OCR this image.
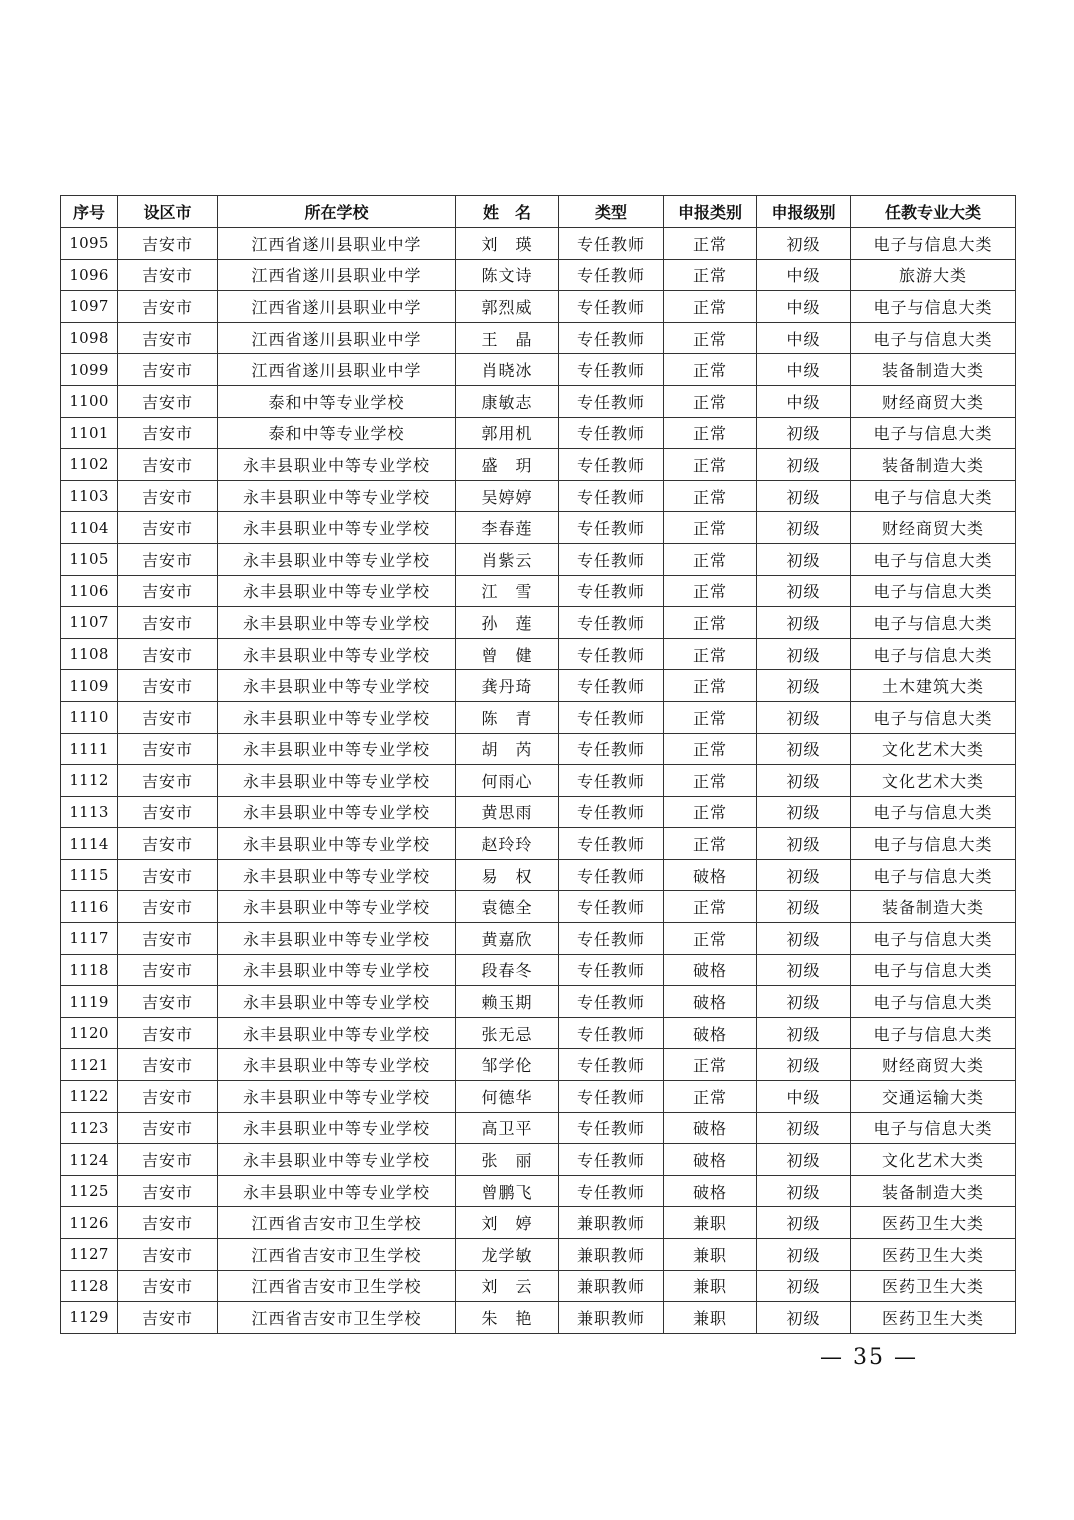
序号	设区市	所在学校	姓　名	类型	申报类别	申报级别	任教专业大类
1095	吉安市	江西省遂川县职业中学	刘　瑛	专任教师	正常	初级	电子与信息大类
1096	吉安市	江西省遂川县职业中学	陈文诗	专任教师	正常	中级	旅游大类
1097	吉安市	江西省遂川县职业中学	郭烈威	专任教师	正常	中级	电子与信息大类
1098	吉安市	江西省遂川县职业中学	王　晶	专任教师	正常	中级	电子与信息大类
1099	吉安市	江西省遂川县职业中学	肖晓冰	专任教师	正常	中级	装备制造大类
1100	吉安市	泰和中等专业学校	康敏志	专任教师	正常	中级	财经商贸大类
1101	吉安市	泰和中等专业学校	郭用机	专任教师	正常	初级	电子与信息大类
1102	吉安市	永丰县职业中等专业学校	盛　玥	专任教师	正常	初级	装备制造大类
1103	吉安市	永丰县职业中等专业学校	吴婷婷	专任教师	正常	初级	电子与信息大类
1104	吉安市	永丰县职业中等专业学校	李春莲	专任教师	正常	初级	财经商贸大类
1105	吉安市	永丰县职业中等专业学校	肖紫云	专任教师	正常	初级	电子与信息大类
1106	吉安市	永丰县职业中等专业学校	江　雪	专任教师	正常	初级	电子与信息大类
1107	吉安市	永丰县职业中等专业学校	孙　莲	专任教师	正常	初级	电子与信息大类
1108	吉安市	永丰县职业中等专业学校	曾　健	专任教师	正常	初级	电子与信息大类
1109	吉安市	永丰县职业中等专业学校	龚丹琦	专任教师	正常	初级	土木建筑大类
1110	吉安市	永丰县职业中等专业学校	陈　青	专任教师	正常	初级	电子与信息大类
1111	吉安市	永丰县职业中等专业学校	胡　芮	专任教师	正常	初级	文化艺术大类
1112	吉安市	永丰县职业中等专业学校	何雨心	专任教师	正常	初级	文化艺术大类
1113	吉安市	永丰县职业中等专业学校	黄思雨	专任教师	正常	初级	电子与信息大类
1114	吉安市	永丰县职业中等专业学校	赵玲玲	专任教师	正常	初级	电子与信息大类
1115	吉安市	永丰县职业中等专业学校	易　权	专任教师	破格	初级	电子与信息大类
1116	吉安市	永丰县职业中等专业学校	袁德全	专任教师	正常	初级	装备制造大类
1117	吉安市	永丰县职业中等专业学校	黄嘉欣	专任教师	正常	初级	电子与信息大类
1118	吉安市	永丰县职业中等专业学校	段春冬	专任教师	破格	初级	电子与信息大类
1119	吉安市	永丰县职业中等专业学校	赖玉期	专任教师	破格	初级	电子与信息大类
1120	吉安市	永丰县职业中等专业学校	张无忌	专任教师	破格	初级	电子与信息大类
1121	吉安市	永丰县职业中等专业学校	邹学伦	专任教师	正常	初级	财经商贸大类
1122	吉安市	永丰县职业中等专业学校	何德华	专任教师	正常	中级	交通运输大类
1123	吉安市	永丰县职业中等专业学校	高卫平	专任教师	破格	初级	电子与信息大类
1124	吉安市	永丰县职业中等专业学校	张　丽	专任教师	破格	初级	文化艺术大类
1125	吉安市	永丰县职业中等专业学校	曾鹏飞	专任教师	破格	初级	装备制造大类
1126	吉安市	江西省吉安市卫生学校	刘　婷	兼职教师	兼职	初级	医药卫生大类
1127	吉安市	江西省吉安市卫生学校	龙学敏	兼职教师	兼职	初级	医药卫生大类
1128	吉安市	江西省吉安市卫生学校	刘　云	兼职教师	兼职	初级	医药卫生大类
1129	吉安市	江西省吉安市卫生学校	朱　艳	兼职教师	兼职	初级	医药卫生大类
— 35 —
